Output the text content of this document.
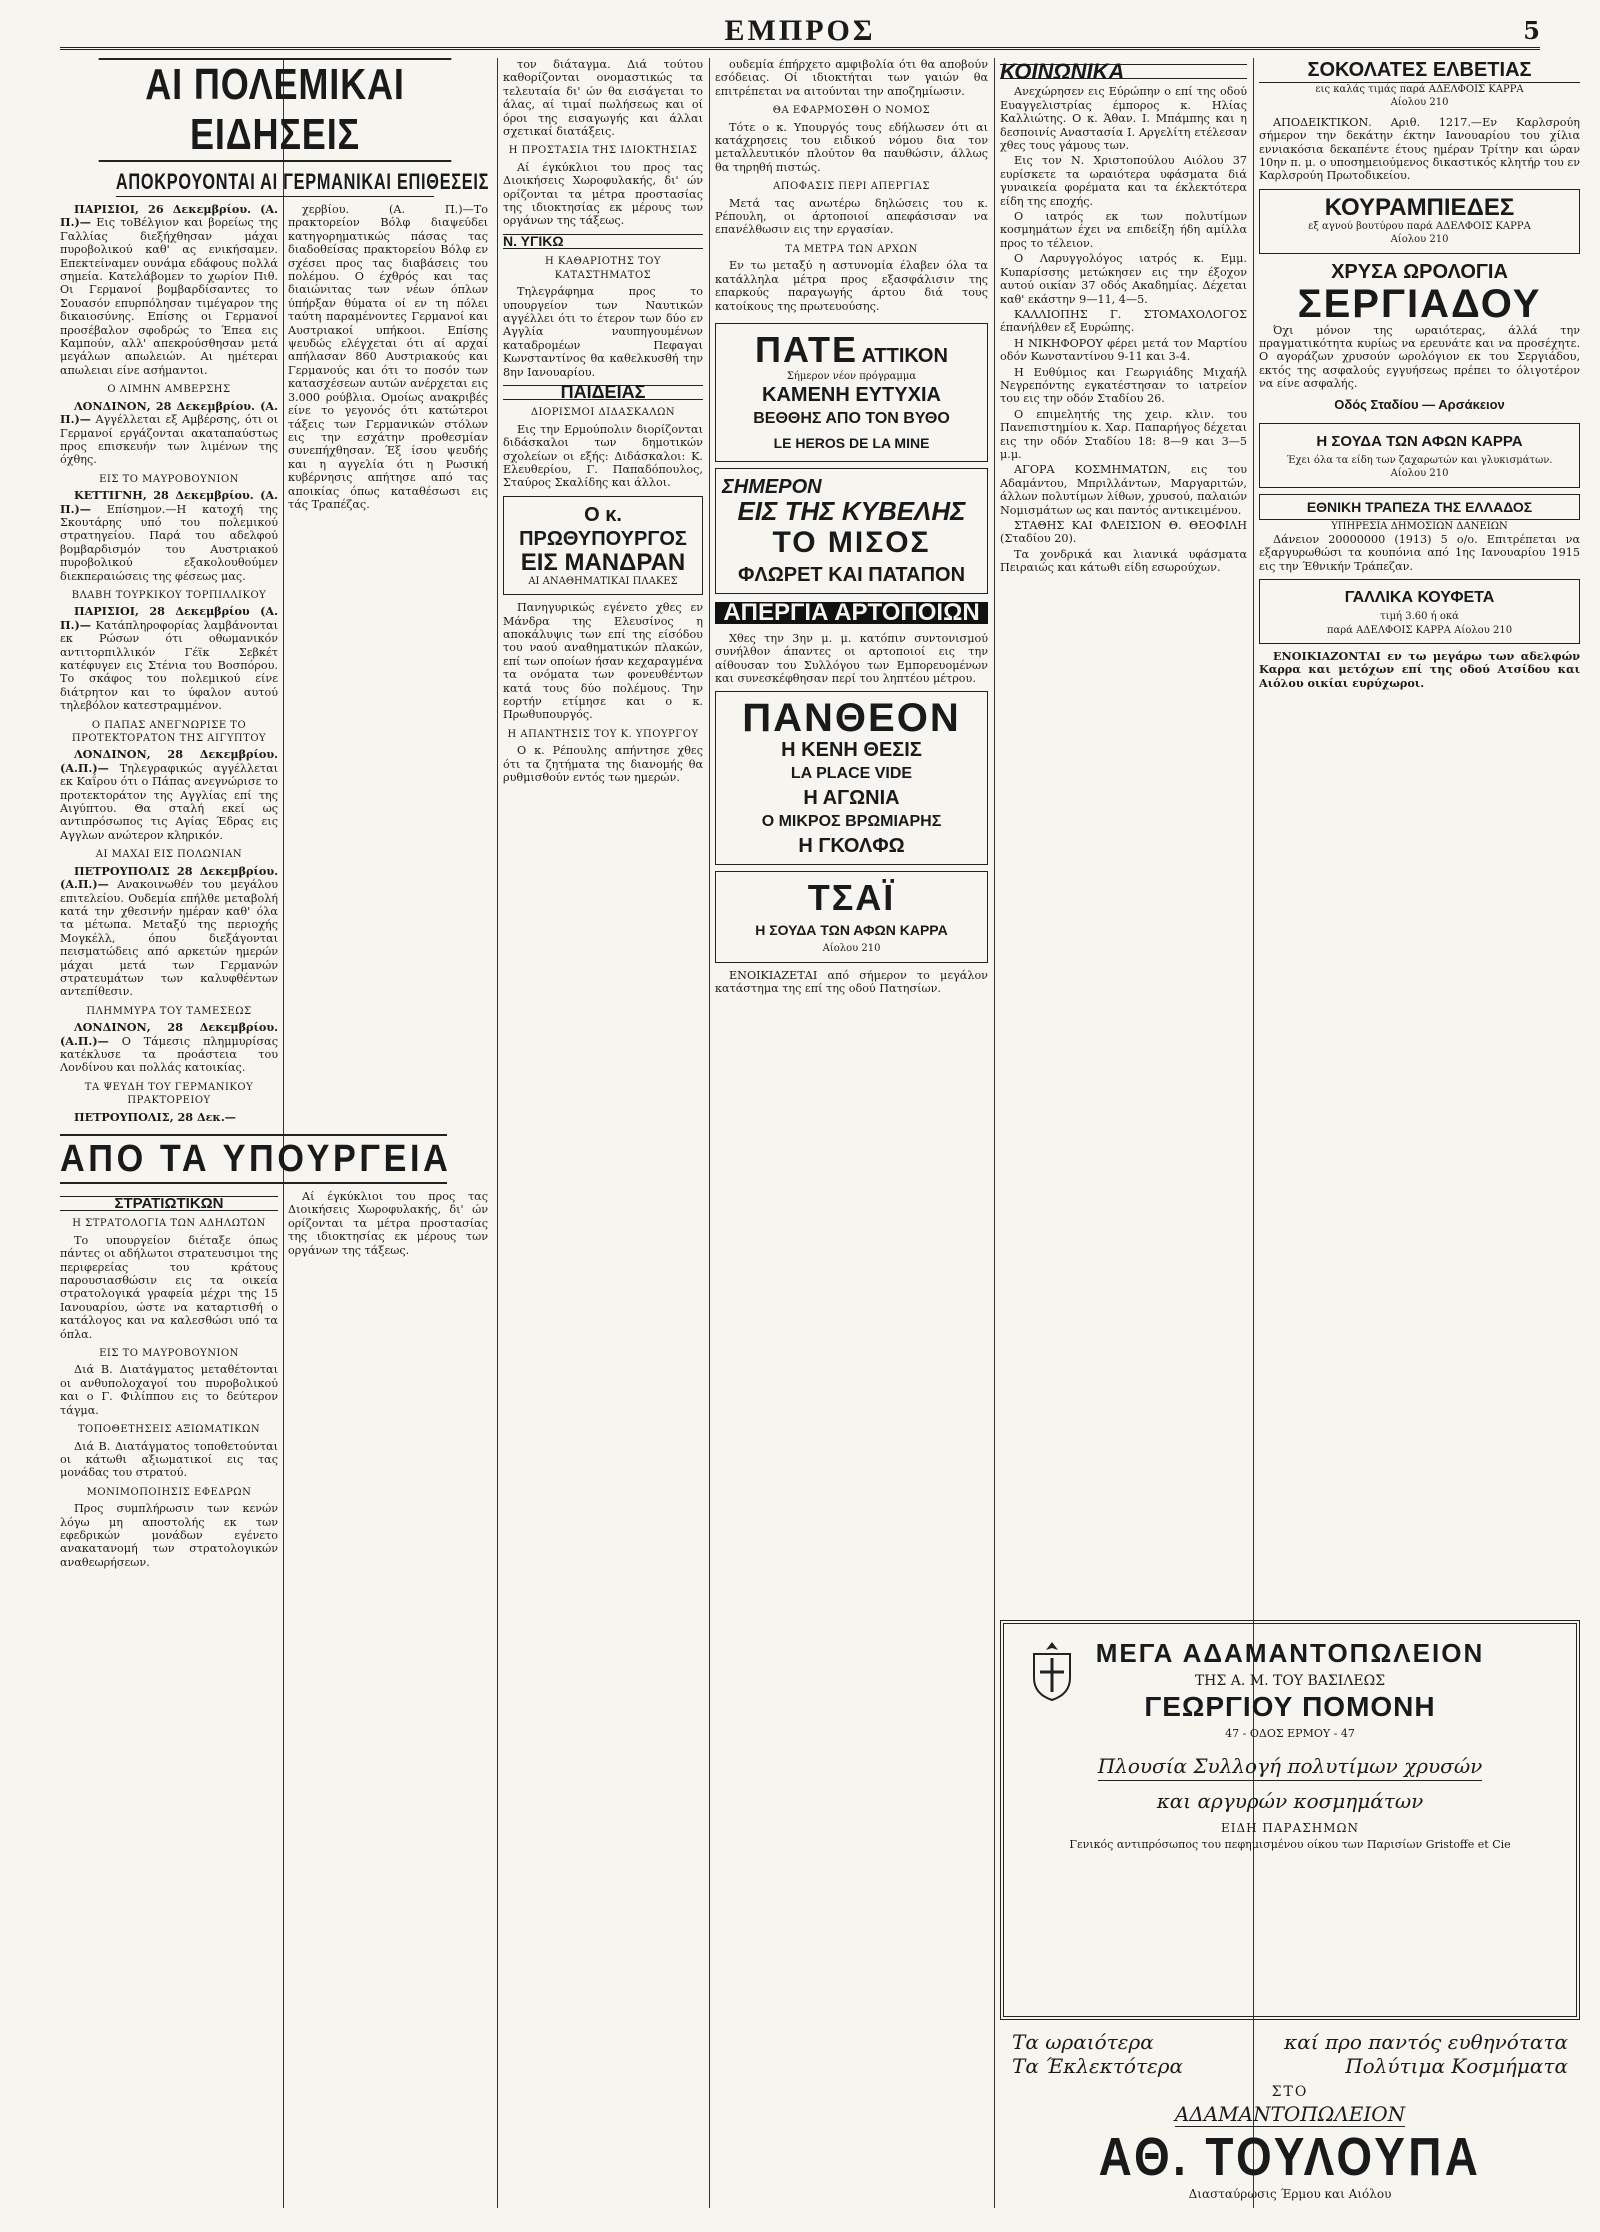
ΕΜΠΡΟΣ	5
ΑΙ ΠΟΛΕΜΙΚΑΙ ΕΙΔΗΣΕΙΣ
ΑΠΟΚΡΟΥΟΝΤΑΙ ΑΙ ΓΕΡΜΑΝΙΚΑΙ ΕΠΙΘΕΣΕΙΣ

ΠΑΡΙΣΙΟΙ, 26 Δεκεμβρίου. (Α. Π.)— Εις τοΒέλγιον και βορείως της Γαλλίας διεξήχθησαν μάχαι πυροβολικού καθ' ας ενικήσαμεν. Επεκτείναμεν ουνάμα εδάφους πολλά σημεία. Κατελάβομεν το χωρίον Πιθ. Οι Γερμανοί βομβαρδίσαντες το Σουασόν επυρπόλησαν τιμέγαρον της δικαιοσύνης. Επίσης οι Γερμανοί προσέβαλον σφοδρώς το Έπεα εις Καμπούν, αλλ' απεκρούσθησαν μετά μεγάλων απωλειών. Αι ημέτεραι απωλειαι είνε ασήμαντοι.

Ο ΛΙΜΗΝ ΑΜΒΕΡΣΗΣ

ΛΟΝΔΙΝΟΝ, 28 Δεκεμβρίου. (Α. Π.)— Αγγέλλεται εξ Αμβέρσης, ότι οι Γερμανοί εργάζονται ακαταπαύστως προς επισκευήν των λιμένων της όχθης.

ΕΙΣ ΤΟ ΜΑΥΡΟΒΟΥΝΙΟΝ

ΚΕΤΤΙΓΝΗ, 28 Δεκεμβρίου. (Α. Π.)— Επίσημον.—Η κατοχή της Σκουτάρης υπό του πολεμικού στρατηγείου. Παρά του αδελφού βομβαρδισμόν του Αυστριακού πυροβολικού εξακολουθούμεν διεκπεραιώσεις της φέσεως μας.

ΒΛΑΒΗ ΤΟΥΡΚΙΚΟΥ ΤΟΡΠΙΛΛΙΚΟΥ

ΠΑΡΙΣΙΟΙ, 28 Δεκεμβρίου (Α. Π.)— Κατάπληροφορίας λαμβάνονται εκ Ρώσων ότι οθωμανικόν αντιτορπιλλικόν Γέϊκ Σεβκέτ κατέφυγεν εις Στένια του Βοσπόρου. Το σκάφος του πολεμικού είνε διάτρητον και το ύφαλον αυτού τηλεβόλον κατεστραμμένον.

Ο ΠΑΠΑΣ ΑΝΕΓΝΩΡΙΣΕ ΤΟ ΠΡΟΤΕΚΤΟΡΑΤΟΝ ΤΗΣ ΑΙΓΥΠΤΟΥ

ΛΟΝΔΙΝΟΝ, 28 Δεκεμβρίου. (Α.Π.)— Τηλεγραφικώς αγγέλλεται εκ Καΐρου ότι ο Πάπας ανεγνώρισε το προτεκτοράτον της Αγγλίας επί της Αιγύπτου. Θα σταλή εκεί ως αντιπρόσωπος τις Αγίας Έδρας εις Αγγλων ανώτερον κληρικόν.

ΑΙ ΜΑΧΑΙ ΕΙΣ ΠΟΛΩΝΙΑΝ

ΠΕΤΡΟΥΠΟΛΙΣ 28 Δεκεμβρίου. (Α.Π.)— Ανακοινωθέν του μεγάλου επιτελείου. Ουδεμία επήλθε μεταβολή κατά την χθεσινήν ημέραν καθ' όλα τα μέτωπα. Μεταξύ της περιοχής Μογκέλλ, όπου διεξάγονται πεισματώδεις από αρκετών ημερών μάχαι μετά των Γερμανών στρατευμάτων των καλυφθέντων αντεπίθεσιν.

ΠΛΗΜΜΥΡΑ ΤΟΥ ΤΑΜΕΣΕΩΣ

ΛΟΝΔΙΝΟΝ, 28 Δεκεμβρίου. (Α.Π.)— Ο Τάμεσις πλημμυρίσας κατέκλυσε τα προάστεια του Λονδίνου και πολλάς κατοικίας.

ΤΑ ΨΕΥΔΗ ΤΟΥ ΓΕΡΜΑΝΙΚΟΥ ΠΡΑΚΤΟΡΕΙΟΥ

ΠΕΤΡΟΥΠΟΛΙΣ, 28 Δεκ.—

χερβίου. (Α. Π.)—Το πρακτορείον Βόλφ διαψεύδει κατηγορηματικώς πάσας τας διαδοθείσας πρακτορείου Βόλφ εν σχέσει προς τας διαβάσεις του πολέμου. Ο έχθρός και τας διαιώνιτας των νέων όπλων ύπήρξαν θύματα οί εν τη πόλει ταύτη παραμένοντες Γερμανοί και Αυστριακοί υπήκοοι. Επίσης ψευδώς ελέγχεται ότι αί αρχαί απήλασαν 860 Αυστριακούς και Γερμανούς και ότι το ποσόν των κατασχέσεων αυτών ανέρχεται εις 3.000 ρούβλια. Ομοίως ανακριβές είνε το γεγονός ότι κατώτεροι τάξεις των Γερμανικών στόλων εις την εσχάτην προθεσμίαν συνεπήχθησαν. Έξ ίσου ψευδής και η αγγελία ότι η Ρωσική κυβέρνησις απήτησε από τας αποικίας όπως καταθέσωσι εις τάς Τραπέζας.

ΑΠΟ ΤΑ ΥΠΟΥΡΓΕΙΑ
ΣΤΡΑΤΙΩΤΙΚΩΝ
Η ΣΤΡΑΤΟΛΟΓΙΑ ΤΩΝ ΑΔΗΛΩΤΩΝ

Το υπουργείον διέταξε όπως πάντες οι αδήλωτοι στρατευσιμοι της περιφερείας του κράτους παρουσιασθώσιν εις τα οικεία στρατολογικά γραφεία μέχρι της 15 Ιανουαρίου, ώστε να καταρτισθή ο κατάλογος και να καλεσθώσι υπό τα όπλα.

ΕΙΣ ΤΟ ΜΑΥΡΟΒΟΥΝΙΟΝ

Διά Β. Διατάγματος μεταθέτονται οι ανθυπολοχαγοί του πυροβολικού και ο Γ. Φιλίππου εις το δεύτερον τάγμα.

ΤΟΠΟΘΕΤΗΣΕΙΣ ΑΞΙΩΜΑΤΙΚΩΝ

Διά Β. Διατάγματος τοποθετούνται οι κάτωθι αξιωματικοί εις τας μονάδας του στρατού.

ΜΟΝΙΜΟΠΟΙΗΣΙΣ ΕΦΕΔΡΩΝ

Προς συμπλήρωσιν των κενών λόγω μη αποστολής εκ των εφεδρικών μονάδων εγένετο ανακατανομή των στρατολογικών αναθεωρήσεων.

Αί έγκύκλιοι του προς τας Διοικήσεις Χωροφυλακής, δι' ών ορίζονται τα μέτρα προστασίας της ιδιοκτησίας εκ μέρους των οργάνων της τάξεως.

τον διάταγμα. Διά τούτου καθορίζονται ονομαστικώς τα τελευταία δι' ών θα εισάγεται το άλας, αί τιμαί πωλήσεως και οί όροι της εισαγωγής και άλλαι σχετικαί διατάξεις.

Η ΠΡΟΣΤΑΣΙΑ ΤΗΣ ΙΔΙΟΚΤΗΣΙΑΣ

Αί έγκύκλιοι του προς τας Διοικήσεις Χωροφυλακής, δι' ών ορίζονται τα μέτρα προστασίας της ιδιοκτησίας εκ μέρους των οργάνων της τάξεως.

Ν. ΥΓΙΚΩ
Η ΚΑΘΑΡΙΟΤΗΣ ΤΟΥ ΚΑΤΑΣΤΗΜΑΤΟΣ

Τηλεγράφημα προς το υπουργείον των Ναυτικών αγγέλλει ότι το έτερον των δύο εν Αγγλία ναυπηγουμένων καταδρομέων Πεφαγαι Κωνσταντίνος θα καθελκυσθή την 8ην Ιανουαρίου.

ΠΑΙΔΕΙΑΣ
ΔΙΟΡΙΣΜΟΙ ΔΙΔΑΣΚΑΛΩΝ

Εις την Ερμούπολιν διορίζονται διδάσκαλοι των δημοτικών σχολείων οι εξής: Διδάσκαλοι: Κ. Ελευθερίου, Γ. Παπαδόπουλος, Σταύρος Σκαλίδης και άλλοι.

Ο κ. ΠΡΩΘΥΠΟΥΡΓΟΣ
ΕΙΣ ΜΑΝΔΡΑΝ
ΑΙ ΑΝΑΘΗΜΑΤΙΚΑΙ ΠΛΑΚΕΣ

Πανηγυρικώς εγένετο χθες εν Μάνδρα της Ελευσίνος η αποκάλυψις των επί της είσόδου του ναού αναθηματικών πλακών, επί των οποίων ήσαν κεχαραγμένα τα ονόματα των φονευθέντων κατά τους δύο πολέμους. Την εορτήν ετίμησε και ο κ. Πρωθυπουργός.

Η ΑΠΑΝΤΗΣΙΣ ΤΟΥ Κ. ΥΠΟΥΡΓΟΥ

Ο κ. Ρέπουλης απήντησε χθες ότι τα ζητήματα της διανομής θα ρυθμισθούν εντός των ημερών.

ουδεμία έπήρχετο αμφιβολία ότι θα αποβούν εσόδειας. Οί ιδιοκτήται των γαιών θα επιτρέπεται να αιτούνται την αποζημίωσιν.

ΘΑ ΕΦΑΡΜΟΣΘΗ Ο ΝΟΜΟΣ

Τότε ο κ. Υπουργός τους εδήλωσεν ότι αι κατάχρησεις του ειδικού νόμου δια τον μεταλλευτικόν πλούτον θα παυθώσιν, άλλως θα τηρηθή πιστώς.

ΑΠΟΦΑΣΙΣ ΠΕΡΙ ΑΠΕΡΓΙΑΣ

Μετά τας ανωτέρω δηλώσεις του κ. Ρέπουλη, οι άρτοποιοί απεφάσισαν να επανέλθωσιν εις την εργασίαν.

ΤΑ ΜΕΤΡΑ ΤΩΝ ΑΡΧΩΝ

Εν τω μεταξύ η αστυνομία έλαβεν όλα τα κατάλληλα μέτρα προς εξασφάλισιν της επαρκούς παραγωγής άρτου διά τους κατοίκους της πρωτευούσης.

ΠΑΤΕ ΑΤΤΙΚΟΝ
Σήμερον νέον πρόγραμμα
ΚΑΜΕΝΗ ΕΥΤΥΧΙΑ
ΒΕΘΘΗΣ ΑΠΟ ΤΟΝ ΒΥΘΟ
LE HEROS DE LA MINE
ΣΗΜΕΡΟΝ
ΕΙΣ ΤΗΣ ΚΥΒΕΛΗΣ
ΤΟ ΜΙΣΟΣ
ΦΛΩΡΕΤ ΚΑΙ ΠΑΤΑΠΟΝ
ΑΠΕΡΓΙΑ ΑΡΤΟΠΟΙΩΝ

Χθες την 3ην μ. μ. κατόπιν συντονισμού συνήλθον άπαντες οι αρτοποιοί εις την αίθουσαν του Συλλόγου των Εμπορευομένων και συνεσκέφθησαν περί του ληπτέου μέτρου.

ΠΑΝΘΕΟΝ
Η ΚΕΝΗ ΘΕΣΙΣ
LA PLACE VIDE
Η ΑΓΩΝΙΑ
Ο ΜΙΚΡΟΣ ΒΡΩΜΙΑΡΗΣ
Η ΓΚΟΛΦΩ
ΤΣΑΪ
Η ΣΟΥΔΑ ΤΩΝ ΑΦΩΝ ΚΑΡΡΑ
Αίολου 210

ΕΝΟΙΚΙΑΖΕΤΑΙ από σήμερον το μεγάλον κατάστημα της επί της οδού Πατησίων.

ΚΟΙΝΩΝΙΚΑ

Ανεχώρησεν εις Εύρώπην ο επί της οδού Ευαγγελιστρίας έμπορος κ. Ηλίας Καλλιώτης. Ο κ. Άθαν. Ι. Μπάμπης και η δεσποινίς Αναστασία Ι. Αργελίτη ετέλεσαν χθες τους γάμους των.

Εις τον Ν. Χριστοπούλου Αιόλου 37 ευρίσκετε τα ωραιότερα υφάσματα διά γυναικεία φορέματα και τα έκλεκτότερα είδη της εποχής.

Ο ιατρός εκ των πολυτίμων κοσμημάτων έχει να επιδείξη ήδη αμίλλα προς το τέλειον.

Ο Λαρυγγολόγος ιατρός κ. Εμμ. Κυπαρίσσης μετώκησεν εις την έξοχον αυτού οικίαν 37 οδός Ακαδημίας. Δέχεται καθ' εκάστην 9—11, 4—5.

ΚΑΛΛΙΟΠΗΣ Γ. ΣΤΟΜΑΧΟΛΟΓΟΣ έπανήλθεν εξ Ευρώπης.

Η ΝΙΚΗΦΟΡΟΥ φέρει μετά τον Μαρτίου οδόν Κωνσταντίνου 9-11 και 3-4.

Η Ευθύμιος και Γεωργιάδης Μιχαήλ Νεγρεπόντης εγκατέστησαν το ιατρείον του εις την οδόν Σταδίου 26.

Ο επιμελητής της χειρ. κλιν. του Πανεπιστημίου κ. Χαρ. Παπαρήγος δέχεται εις την οδόν Σταδίου 18: 8—9 και 3—5 μ.μ.

ΑΓΟΡΑ ΚΟΣΜΗΜΑΤΩΝ, εις του Αδαμάντου, Μπριλλάντων, Μαργαριτών, άλλων πολυτίμων λίθων, χρυσού, παλαιών Νομισμάτων ως και παντός αντικειμένου.

ΣΤΑΘΗΣ ΚΑΙ ΦΛΕΙΣΙΟΝ Θ. ΘΕΟΦΙΛΗ (Σταδίου 20).

Τα χονδρικά και λιανικά υφάσματα Πειραιώς και κάτωθι είδη εσωρούχων.

ΣΟΚΟΛΑΤΕΣ ΕΛΒΕΤΙΑΣ
εις καλάς τιμάς παρά ΑΔΕΛΦΟΙΣ ΚΑΡΡΑ
Αίολου 210

ΑΠΟΔΕΙΚΤΙΚΟΝ. Αριθ. 1217.—Εν Καρλσρούη σήμερον την δεκάτην έκτην Ιανουαρίου του χίλια εννιακόσια δεκαπέντε έτους ημέραν Τρίτην και ώραν 10ην π. μ. ο υποσημειούμενος δικαστικός κλητήρ του εν Καρλσρούη Πρωτοδικείου.

ΚΟΥΡΑΜΠΙΕΔΕΣ
εξ αγνού βουτύρου παρά ΑΔΕΛΦΟΙΣ ΚΑΡΡΑ
Αίολου 210
ΧΡΥΣΑ ΩΡΟΛΟΓΙΑ
ΣΕΡΓΙΑΔΟΥ

Όχι μόνον της ωραιότερας, άλλά την πραγματικότητα κυρίως να ερευνάτε και να προσέχητε. Ο αγοράζων χρυσούν ωρολόγιον εκ του Σεργιάδου, εκτός της ασφαλούς εγγυήσεως πρέπει το όλιγοτέρον να είνε ασφαλής.

Οδός Σταδίου — Αρσάκειον
Η ΣΟΥΔΑ ΤΩΝ ΑΦΩΝ ΚΑΡΡΑ
Έχει όλα τα είδη των ζαχαρωτών και γλυκισμάτων.
Αίολου 210
ΕΘΝΙΚΗ ΤΡΑΠΕΖΑ ΤΗΣ ΕΛΛΑΔΟΣ
ΥΠΗΡΕΣΙΑ ΔΗΜΟΣΙΩΝ ΔΑΝΕΙΩΝ

Δάνειον 20000000 (1913) 5 ο/ο. Επιτρέπεται να εξαργυρωθώσι τα κουπόνια από 1ης Ιανουαρίου 1915 εις την Έθνικήν Τράπεζαν.

ΓΑΛΛΙΚΑ ΚΟΥΦΕΤΑ
τιμή 3.60 ή οκά
παρά ΑΔΕΛΦΟΙΣ ΚΑΡΡΑ Αίολου 210

ΕΝΟΙΚΙΑΖΟΝΤΑΙ εν τω μεγάρω των αδελφών Καρρα και μετόχων επί της οδού Ατσίδου και Αιόλου οικίαι ευρύχωροι.

ΜΕΓΑ ΑΔΑΜΑΝΤΟΠΩΛΕΙΟΝ
ΤΗΣ Α. Μ. ΤΟΥ ΒΑΣΙΛΕΩΣ
ΓΕΩΡΓΙΟΥ ΠΟΜΟΝΗ
47 - ΟΔΟΣ ΕΡΜΟΥ - 47
Πλουσία Συλλογή πολυτίμων χρυσών
και αργυρών κοσμημάτων
ΕΙΔΗ ΠΑΡΑΣΗΜΩΝ
Γενικός αντιπρόσωπος του πεφημισμένου οίκου των Παρισίων Gristoffe et Cie
Τα ωραιότερα	καί προ παντός ευθηνότατα
Τα Έκλεκτότερα	Πολύτιμα Κοσμήματα
ΣΤΟ
ΑΔΑΜΑΝΤΟΠΩΛΕΙΟΝ
ΑΘ. ΤΟΥΛΟΥΠΑ
Διασταύρωσις Έρμου και Αιόλου
